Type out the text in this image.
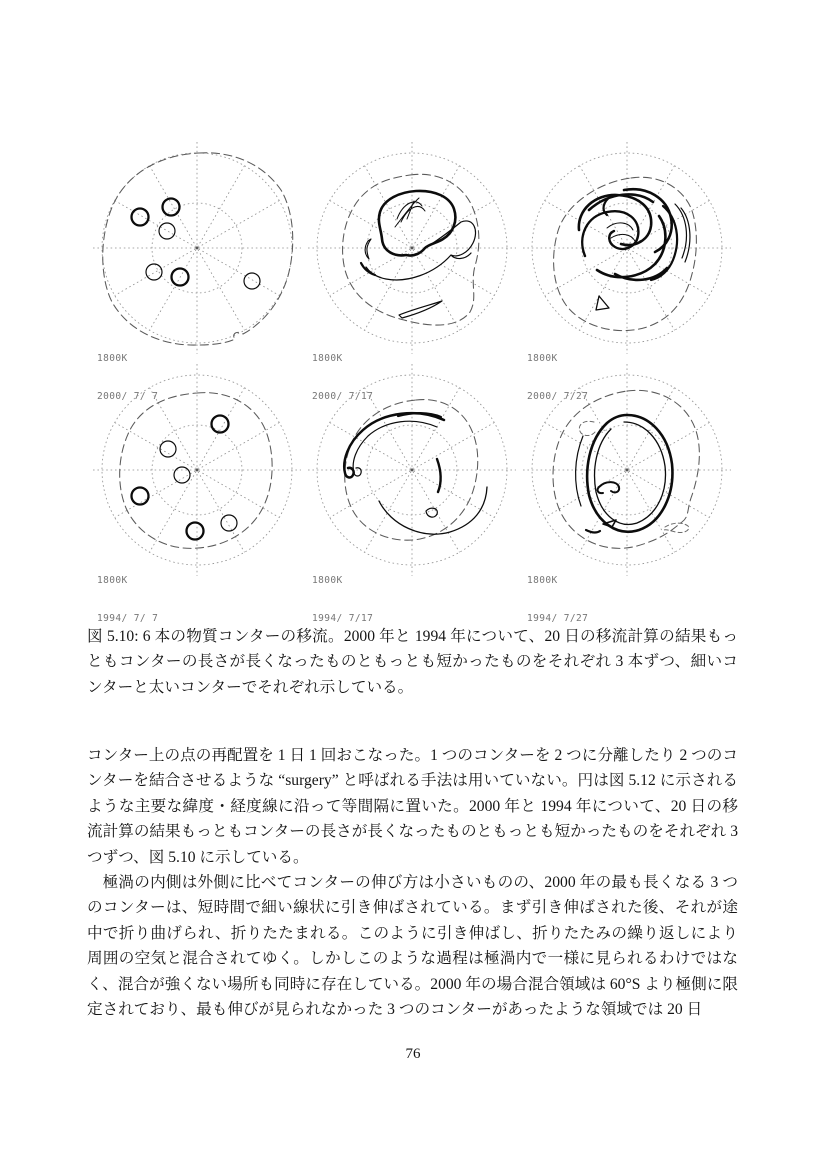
1800K

2000/ 7/ 7

1800K

2000/ 7/17

1800K

2000/ 7/27

1800K

1994/ 7/ 7

1800K

1994/ 7/17

1800K

1994/ 7/27

図 5.10: 6 本の物質コンターの移流。2000 年と 1994 年について、20 日の移流計算の結果もっともコンターの長さが長くなったものともっとも短かったものをそれぞれ 3 本ずつ、細いコンターと太いコンターでそれぞれ示している。

コンター上の点の再配置を 1 日 1 回おこなった。1 つのコンターを 2 つに分離したり 2 つのコンターを結合させるような “surgery” と呼ばれる手法は用いていない。円は図 5.12 に示されるような主要な緯度・経度線に沿って等間隔に置いた。2000 年と 1994 年について、20 日の移流計算の結果もっともコンターの長さが長くなったものともっとも短かったものをそれぞれ 3 つずつ、図 5.10 に示している。

極渦の内側は外側に比べてコンターの伸び方は小さいものの、2000 年の最も長くなる 3 つのコンターは、短時間で細い線状に引き伸ばされている。まず引き伸ばされた後、それが途中で折り曲げられ、折りたたまれる。このように引き伸ばし、折りたたみの繰り返しにより周囲の空気と混合されてゆく。しかしこのような過程は極渦内で一様に見られるわけではなく、混合が強くない場所も同時に存在している。2000 年の場合混合領域は 60°S より極側に限定されており、最も伸びが見られなかった 3 つのコンターがあったような領域では 20 日

76
